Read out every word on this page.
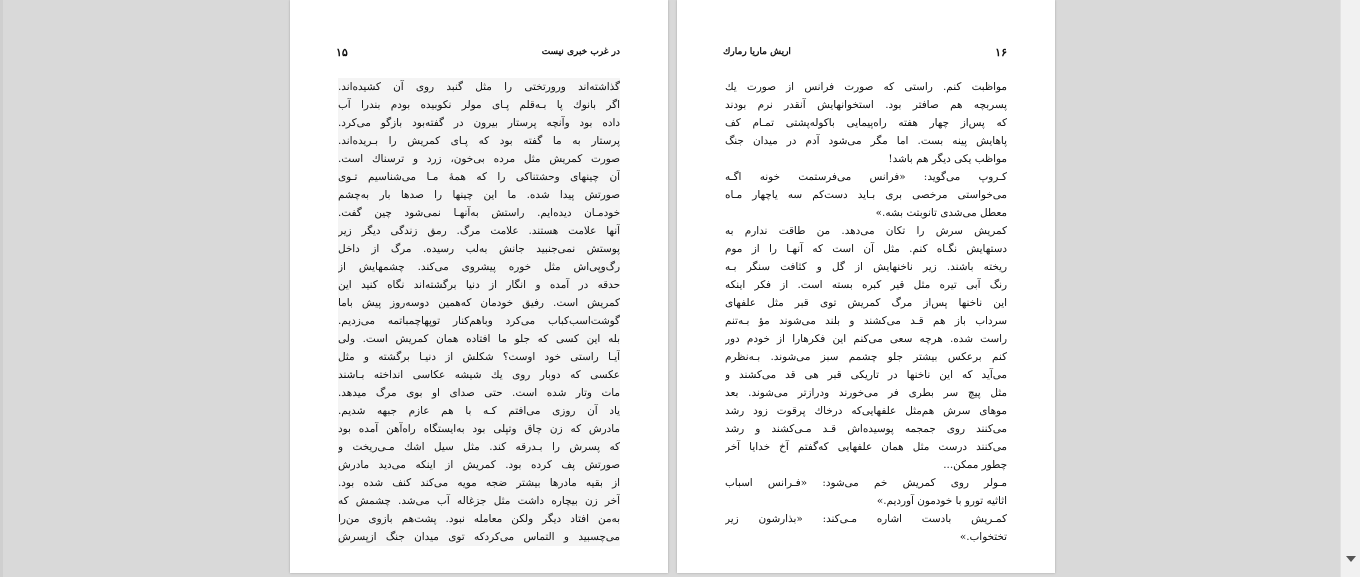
در غرب خبری نیست
۱۵
گذاشته‌اند ورورتختی را مثل گنبد روی آن کشیده‌اند.
اگر بانوك پا بـه‌قلم پـای مولر نکوبیده بودم بندرا آب
داده بود وآنچه پرستار بیرون در گفته‌بود بازگو می‌کرد.
پرستار به ما گفته بود که پـای کمریش را بـریده‌اند.
صورت کمریش مثل مرده بی‌خون، زرد و ترسناك است.
آن چینهای وحشتناکی را که همهٔ مـا می‌شناسیم تـوی
صورتش پیدا شده. ما این چینها را صدها بار به‌چشم
خودمـان دیده‌ایم. راستش به‌آنهـا نمی‌شود چین گفت.
آنها علامت هستند. علامت مرگ. رمق زندگی دیگر زیر
پوستش نمی‌جنبید جانش به‌لب رسیده. مرگ از داخل
رگ‌وپی‌اش مثل خوره پیشروی می‌کند. چشمهایش از
حدقه در آمده و انگار از دنیا برگشته‌اند نگاه کنید این
کمریش است. رفیق خودمان که‌همین دوسه‌روز پیش باما
گوشت‌اسب‌کباب می‌کرد وباهم‌کنار توپهاچمباتمه می‌زدیم.
بله این کسی که جلو ما افتاده همان کمریش است. ولی
آیـا راستی خود اوست؟ شکلش از دنیـا برگشته و مثل
عکسی که دوبار روی یك شیشه عکاسی انداخته بـاشند
مات وتار شده است. حتی صدای او بوی مرگ میدهد.
یاد آن روزی می‌افتم کـه با هم عازم جبهه شدیم.
مادرش که زن چاق وتپلی بود به‌ایستگاه راه‌آهن آمده بود
که پسرش را بـدرقه کند. مثل سیل اشك مـی‌ریخت و
صورتش پف کرده بود. کمریش از اینکه می‌دید مادرش
از بقیه مادرها بیشتر ضجه مویه می‌کند کنف شده بود.
آخر زن بیچاره داشت مثل جزغاله آب می‌شد. چشمش که
به‌من افتاد دیگر ولکن معامله نبود. پشت‌هم بازوی من‌را
می‌چسبید و التماس می‌کردکه توی میدان جنگ ازپسرش
اریش ماریا رمارك	۱۶
مواظبت کنم. راستی که صورت فرانس از صورت یك
پسربچه هم صافتر بود. استخوانهایش آنقدر نرم بودند
که پس‌از چهار هفته راه‌پیمایی باکوله‌پشتی تمـام کف
پاهایش پینه بست. اما مگر می‌شود آدم در میدان جنگ
مواظب یکی دیگر هم باشد!
کـروپ می‌گوید: «فرانس می‌فرستمت خونه اگـه
می‌خواستی مرخصی بری بـاید دست‌کم سه یاچهار مـاه
معطل می‌شدی تانوبتت بشه.»
کمریش سرش را تکان می‌دهد. من طاقت ندارم به
دستهایش نگـاه کنم. مثل آن است که آنهـا را از موم
ریخته باشند. زیر ناخنهایش از گل و کثافت سنگر بـه
رنگ آبی تیره مثل قیر کبره بسته است. از فکر اینکه
این ناخنها پس‌از مرگ کمریش توی قبر مثل علفهای
سرداب باز هم قـد می‌کشند و بلند می‌شوند مؤ بـه‌تنم
راست شده. هرچه سعی می‌کنم این فکرهارا از خودم دور
کنم برعکس بیشتر جلو چشمم سبز می‌شوند. بـه‌نظرم
می‌آید که این ناخنها در تاریکی قبر هی قد می‌کشند و
مثل پیچ سر بطری فر می‌خورند ودرازتر می‌شوند. بعد
موهای سرش هم‌مثل علفهایی‌که درخاك پرقوت زود رشد
می‌کنند روی جمجمه پوسیده‌اش قـد مـی‌کشند و رشد
می‌کنند درست مثل همان علفهایی که‌گفتم آخ خدایا آخر
چطور ممکن...
مـولر روی کمریش خم می‌شود: «فـرانس اسباب
اثاثیه تورو با خودمون آوردیم.»
کمـریش بادست اشاره مـی‌کند: «بذارشون زیر
تختخواب.»
